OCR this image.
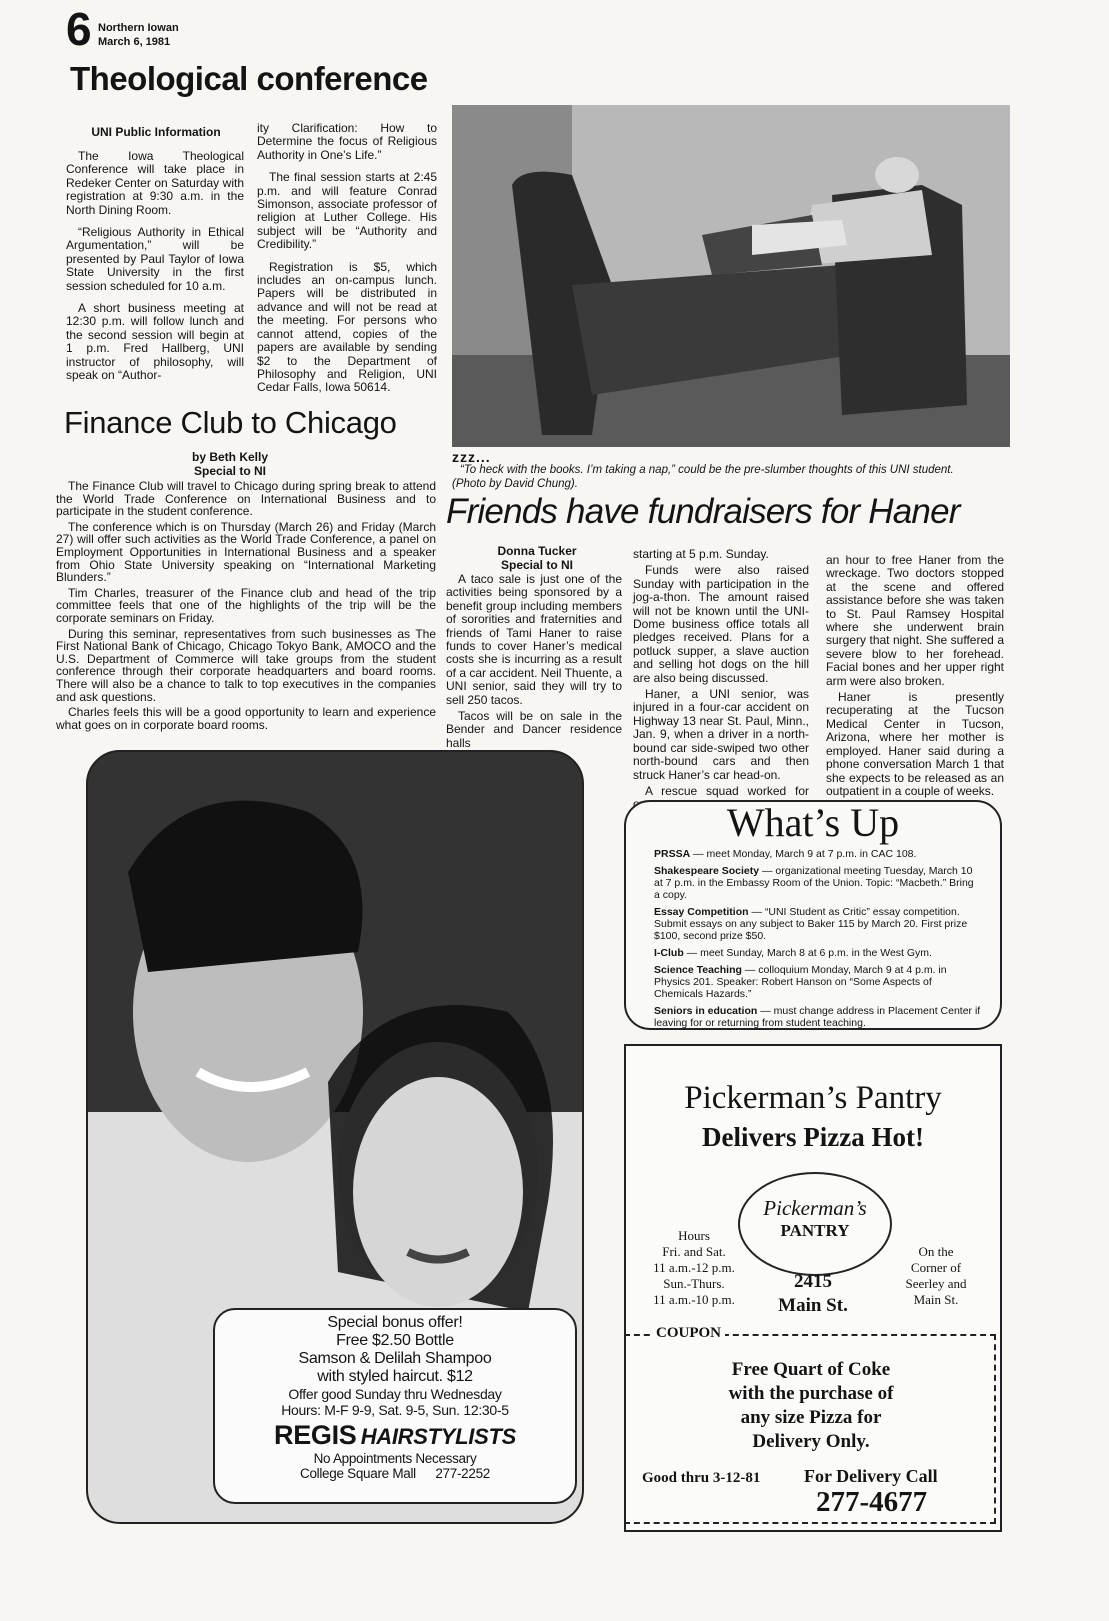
6 Northern Iowan
March 6, 1981
Theological conference
UNI Public Information

The Iowa Theological Conference will take place in Redeker Center on Saturday with registration at 9:30 a.m. in the North Dining Room.

“Religious Authority in Ethical Argumentation,” will be presented by Paul Taylor of Iowa State University in the first session scheduled for 10 a.m.

A short business meeting at 12:30 p.m. will follow lunch and the second session will begin at 1 p.m. Fred Hallberg, UNI instructor of philosophy, will speak on “Author-

ity Clarification: How to Determine the focus of Religious Authority in One’s Life.”

The final session starts at 2:45 p.m. and will feature Conrad Simonson, associate professor of religion at Luther College. His subject will be “Authority and Credibility.”

Registration is $5, which includes an on-campus lunch. Papers will be distributed in advance and will not be read at the meeting. For persons who cannot attend, copies of the papers are available by sending $2 to the Department of Philosophy and Religion, UNI Cedar Falls, Iowa 50614.

zzz...
“To heck with the books. I’m taking a nap,” could be the pre-slumber thoughts of this UNI student.
(Photo by David Chung).
Finance Club to Chicago
by Beth Kelly
Special to NI

The Finance Club will travel to Chicago during spring break to attend the World Trade Conference on International Business and to participate in the student conference.

The conference which is on Thursday (March 26) and Friday (March 27) will offer such activities as the World Trade Conference, a panel on Employment Opportunities in International Business and a speaker from Ohio State University speaking on “International Marketing Blunders.”

Tim Charles, treasurer of the Finance club and head of the trip committee feels that one of the highlights of the trip will be the corporate seminars on Friday.

During this seminar, representatives from such businesses as The First National Bank of Chicago, Chicago Tokyo Bank, AMOCO and the U.S. Department of Commerce will take groups from the student conference through their corporate headquarters and board rooms. There will also be a chance to talk to top executives in the companies and ask questions.

Charles feels this will be a good opportunity to learn and experience what goes on in corporate board rooms.

Friends have fundraisers for Haner
Donna Tucker
Special to NI

A taco sale is just one of the activities being sponsored by a benefit group including members of sororities and fraternities and friends of Tami Haner to raise funds to cover Haner’s medical costs she is incurring as a result of a car accident. Neil Thuente, a UNI senior, said they will try to sell 250 tacos.

Tacos will be on sale in the Bender and Dancer residence halls

starting at 5 p.m. Sunday.

Funds were also raised Sunday with participation in the jog-a-thon. The amount raised will not be known until the UNI-Dome business office totals all pledges received. Plans for a potluck supper, a slave auction and selling hot dogs on the hill are also being discussed.

Haner, a UNI senior, was injured in a four-car accident on Highway 13 near St. Paul, Minn., Jan. 9, when a driver in a north-bound car side-swiped two other north-bound cars and then struck Haner’s car head-on.

A rescue squad worked for

an hour to free Haner from the wreckage. Two doctors stopped at the scene and offered assistance before she was taken to St. Paul Ramsey Hospital where she underwent brain surgery that night. She suffered a severe blow to her forehead. Facial bones and her upper right arm were also broken.

Haner is presently recuperating at the Tucson Medical Center in Tucson, Arizona, where her mother is employed. Haner said during a phone conversation March 1 that she expects to be released as an outpatient in a couple of weeks.

Special bonus offer!
Free $2.50 Bottle
Samson & Delilah Shampoo
with styled haircut. $12
Offer good Sunday thru Wednesday
Hours: M-F 9-9, Sat. 9-5, Sun. 12:30-5
REGIS HAIRSTYLISTS
No Appointments Necessary
College Square Mall 277-2252
What’s Up

PRSSA — meet Monday, March 9 at 7 p.m. in CAC 108.

Shakespeare Society — organizational meeting Tuesday, March 10 at 7 p.m. in the Embassy Room of the Union. Topic: “Macbeth.” Bring a copy.

Essay Competition — “UNI Student as Critic” essay competition. Submit essays on any subject to Baker 115 by March 20. First prize $100, second prize $50.

I-Club — meet Sunday, March 8 at 6 p.m. in the West Gym.

Science Teaching — colloquium Monday, March 9 at 4 p.m. in Physics 201. Speaker: Robert Hanson on “Some Aspects of Chemicals Hazards.”

Seniors in education — must change address in Placement Center if leaving for or returning from student teaching.

Pickerman’s Pantry
Delivers Pizza Hot!
Pickerman’s
PANTRY
Hours
Fri. and Sat.
11 a.m.-12 p.m.
Sun.-Thurs.
11 a.m.-10 p.m.
2415
Main St.
On the
Corner of
Seerley and
Main St.
COUPON
Free Quart of Coke
with the purchase of
any size Pizza for
Delivery Only.
Good thru 3-12-81 For Delivery Call
277-4677
